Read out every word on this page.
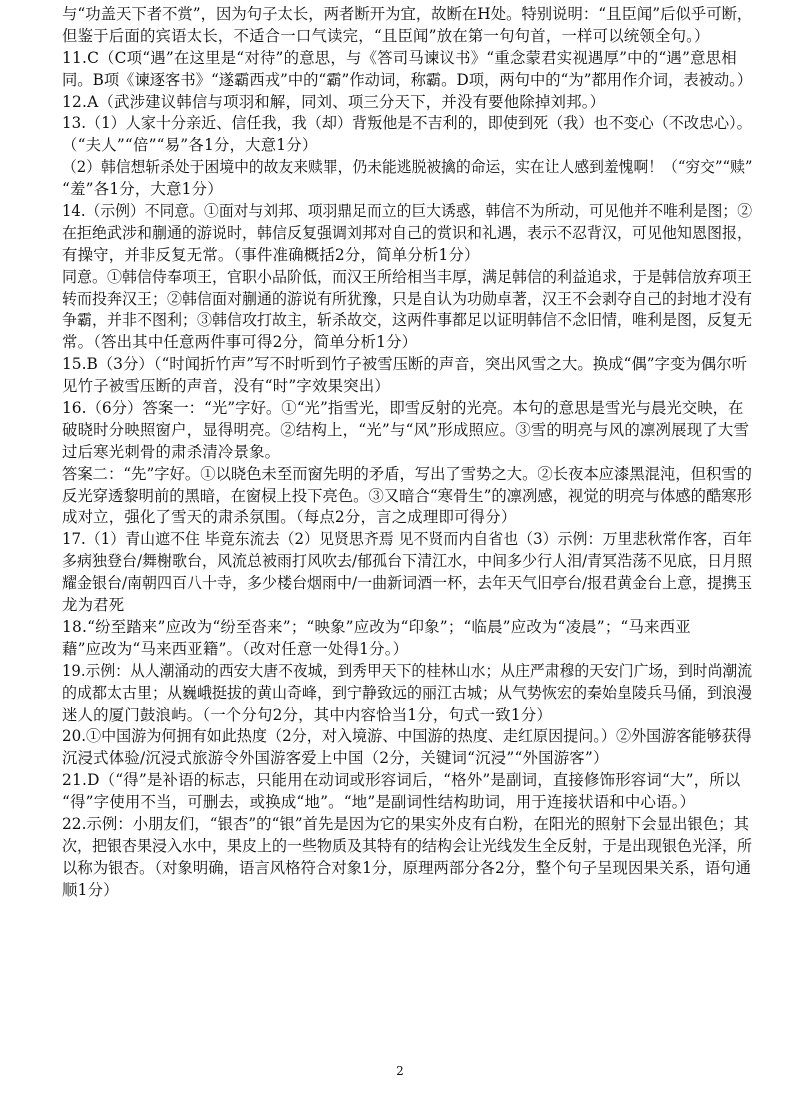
与“功盖天下者不赏”，因为句子太长，两者断开为宜，故断在H处。特别说明：“且臣闻”后似乎可断，
但鉴于后面的宾语太长，不适合一口气读完，“且臣闻”放在第一句句首，一样可以统领全句。）
11.C（C项“遇”在这里是“对待”的意思，与《答司马谏议书》“重念蒙君实视遇厚”中的“遇”意思相
同。B项《谏逐客书》“遂霸西戎”中的“霸”作动词，称霸。D项，两句中的“为”都用作介词，表被动。）
12.A（武涉建议韩信与项羽和解，同刘、项三分天下，并没有要他除掉刘邦。）
13.（1）人家十分亲近、信任我，我（却）背叛他是不吉利的，即使到死（我）也不变心（不改忠心）。
（“夫人”“倍”“易”各1分，大意1分）
（2）韩信想斩杀处于困境中的故友来赎罪，仍未能逃脱被擒的命运，实在让人感到羞愧啊！（“穷交”“赎”
“羞”各1分，大意1分）
14.（示例）不同意。①面对与刘邦、项羽鼎足而立的巨大诱惑，韩信不为所动，可见他并不唯利是图；②
在拒绝武涉和蒯通的游说时，韩信反复强调刘邦对自己的赏识和礼遇，表示不忍背汉，可见他知恩图报，
有操守，并非反复无常。（事件准确概括2分，简单分析1分）
同意。①韩信侍奉项王，官职小品阶低，而汉王所给相当丰厚，满足韩信的利益追求，于是韩信放弃项王
转而投奔汉王；②韩信面对蒯通的游说有所犹豫，只是自认为功勋卓著，汉王不会剥夺自己的封地才没有
争霸，并非不图利；③韩信攻打故主，斩杀故交，这两件事都足以证明韩信不念旧情，唯利是图，反复无
常。（答出其中任意两件事可得2分，简单分析1分）
15.B（3分）（“时闻折竹声”写不时听到竹子被雪压断的声音，突出风雪之大。换成“偶”字变为偶尔听
见竹子被雪压断的声音，没有“时”字效果突出）
16.（6分）答案一：“光”字好。①“光”指雪光，即雪反射的光亮。本句的意思是雪光与晨光交映，在
破晓时分映照窗户，显得明亮。②结构上，“光”与“风”形成照应。③雪的明亮与风的凛冽展现了大雪
过后寒光刺骨的肃杀清冷景象。
答案二：“先”字好。①以晓色未至而窗先明的矛盾，写出了雪势之大。②长夜本应漆黑混沌，但积雪的
反光穿透黎明前的黑暗，在窗棂上投下亮色。③又暗合“寒骨生”的凛冽感，视觉的明亮与体感的酷寒形
成对立，强化了雪天的肃杀氛围。（每点2分，言之成理即可得分）
17.（1）青山遮不住 毕竟东流去（2）见贤思齐焉 见不贤而内自省也（3）示例：万里悲秋常作客，百年
多病独登台/舞榭歌台，风流总被雨打风吹去/郁孤台下清江水，中间多少行人泪/青冥浩荡不见底，日月照
耀金银台/南朝四百八十寺，多少楼台烟雨中/一曲新词酒一杯，去年天气旧亭台/报君黄金台上意，提携玉
龙为君死
18.“纷至踏来”应改为“纷至沓来”；“映象”应改为“印象”；“临晨”应改为“凌晨”；“马来西亚
藉”应改为“马来西亚籍”。（改对任意一处得1分。）
19.示例：从人潮涌动的西安大唐不夜城，到秀甲天下的桂林山水；从庄严肃穆的天安门广场，到时尚潮流
的成都太古里；从巍峨挺拔的黄山奇峰，到宁静致远的丽江古城；从气势恢宏的秦始皇陵兵马俑，到浪漫
迷人的厦门鼓浪屿。（一个分句2分，其中内容恰当1分，句式一致1分）
20.①中国游为何拥有如此热度（2分，对入境游、中国游的热度、走红原因提问。）②外国游客能够获得
沉浸式体验/沉浸式旅游令外国游客爱上中国（2分，关键词“沉浸”“外国游客”）
21.D（“得”是补语的标志，只能用在动词或形容词后，“格外”是副词，直接修饰形容词“大”，所以
“得”字使用不当，可删去，或换成“地”。“地”是副词性结构助词，用于连接状语和中心语。）
22.示例：小朋友们，“银杏”的“银”首先是因为它的果实外皮有白粉，在阳光的照射下会显出银色；其
次，把银杏果浸入水中，果皮上的一些物质及其特有的结构会让光线发生全反射，于是出现银色光泽，所
以称为银杏。（对象明确，语言风格符合对象1分，原理两部分各2分，整个句子呈现因果关系，语句通
顺1分）
2
